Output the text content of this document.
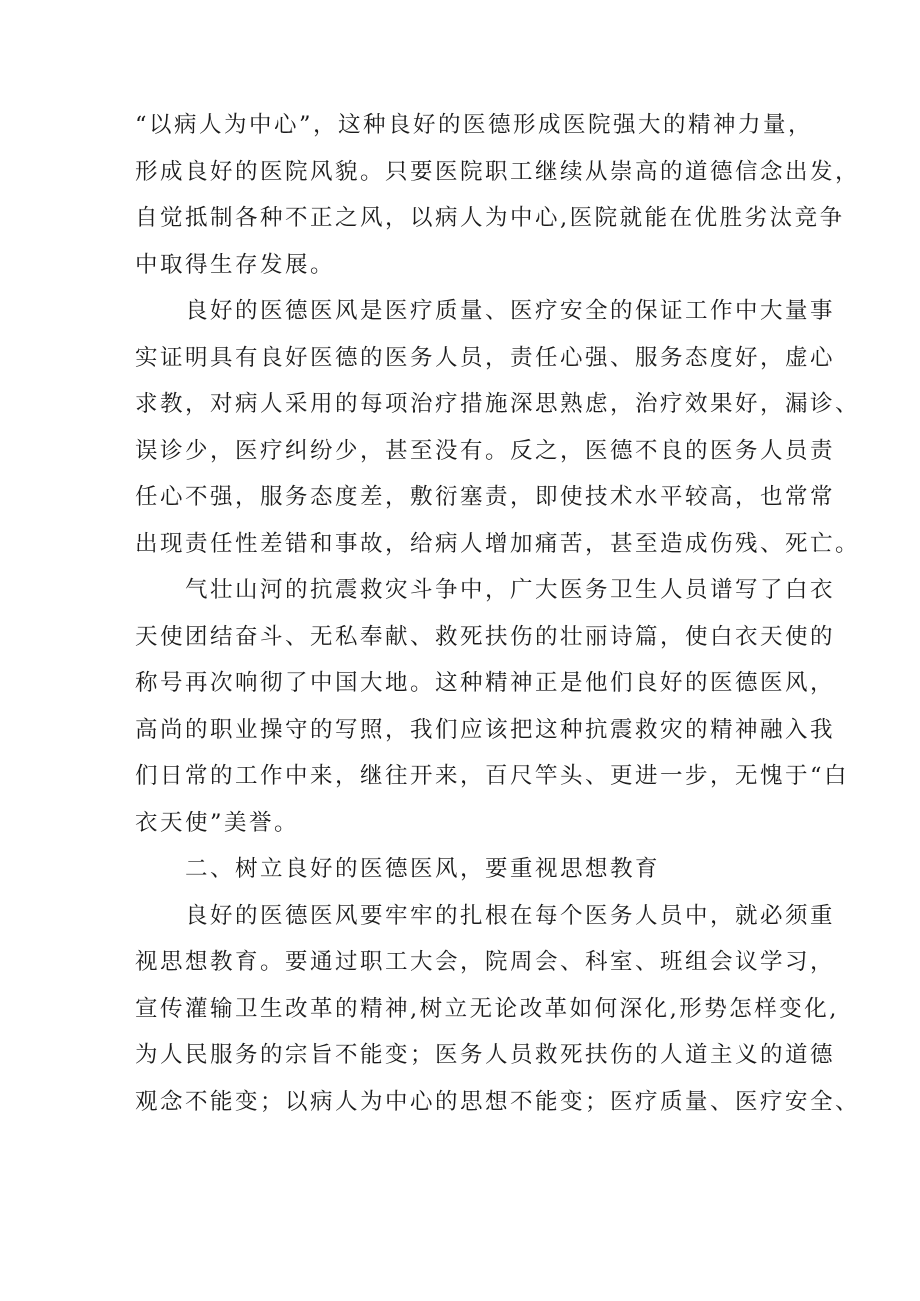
“以病人为中心”，这种良好的医德形成医院强大的精神力量，
形成良好的医院风貌。只要医院职工继续从崇高的道德信念出发，
自觉抵制各种不正之风，以病人为中心,医院就能在优胜劣汰竞争
中取得生存发展。
良好的医德医风是医疗质量、医疗安全的保证工作中大量事
实证明具有良好医德的医务人员，责任心强、服务态度好，虚心
求教，对病人采用的每项治疗措施深思熟虑，治疗效果好，漏诊、
误诊少，医疗纠纷少，甚至没有。反之，医德不良的医务人员责
任心不强，服务态度差，敷衍塞责，即使技术水平较高，也常常
出现责任性差错和事故，给病人增加痛苦，甚至造成伤残、死亡。
气壮山河的抗震救灾斗争中，广大医务卫生人员谱写了白衣
天使团结奋斗、无私奉献、救死扶伤的壮丽诗篇，使白衣天使的
称号再次响彻了中国大地。这种精神正是他们良好的医德医风，
高尚的职业操守的写照，我们应该把这种抗震救灾的精神融入我
们日常的工作中来，继往开来，百尺竿头、更进一步，无愧于“白
衣天使”美誉。
二、树立良好的医德医风，要重视思想教育
良好的医德医风要牢牢的扎根在每个医务人员中，就必须重
视思想教育。要通过职工大会，院周会、科室、班组会议学习，
宣传灌输卫生改革的精神,树立无论改革如何深化,形势怎样变化,
为人民服务的宗旨不能变；医务人员救死扶伤的人道主义的道德
观念不能变；以病人为中心的思想不能变；医疗质量、医疗安全、
